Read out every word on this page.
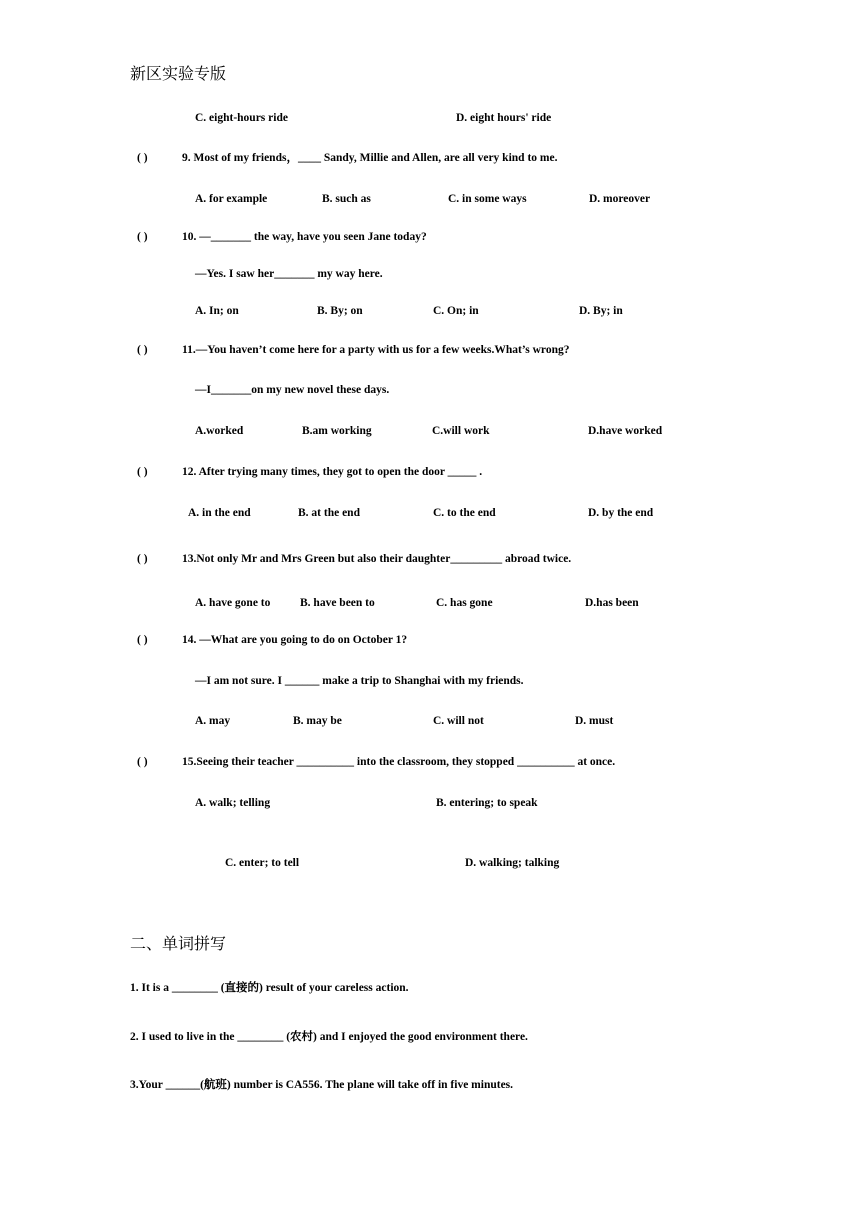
新区实验专版
C. eight-hours ride	D. eight hours' ride
( )	9. Most of my friends，____ Sandy, Millie and Allen, are all very kind to me.
A. for example	B. such as	C. in some ways	D. moreover
( )	10. —_______ the way, have you seen Jane today?
—Yes. I saw her_______ my way here.
A. In; on	B. By; on	C. On; in	D. By; in
( )	11.—You haven’t come here for a party with us for a few weeks.What’s wrong?
—I_______on my new novel these days.
A.worked	B.am working	C.will work	D.have worked
( )	12. After trying many times, they got to open the door _____ .
A. in the end	B. at the end	C. to the end	D. by the end
( )	13.Not only Mr and Mrs Green but also their daughter_________ abroad twice.
A. have gone to	B. have been to	C. has gone	D.has been
( )	14. —What are you going to do on October 1?
—I am not sure. I ______ make a trip to Shanghai with my friends.
A. may	B. may be	C. will not	D. must
( )	15.Seeing their teacher __________ into the classroom, they stopped __________ at once.
A. walk; telling	B. entering; to speak
C. enter; to tell	D. walking; talking
二、单词拼写
1. It is a ________ (直接的) result of your careless action.
2. I used to live in the ________ (农村) and I enjoyed the good environment there.
3.Your ______(航班) number is CA556. The plane will take off in five minutes.
